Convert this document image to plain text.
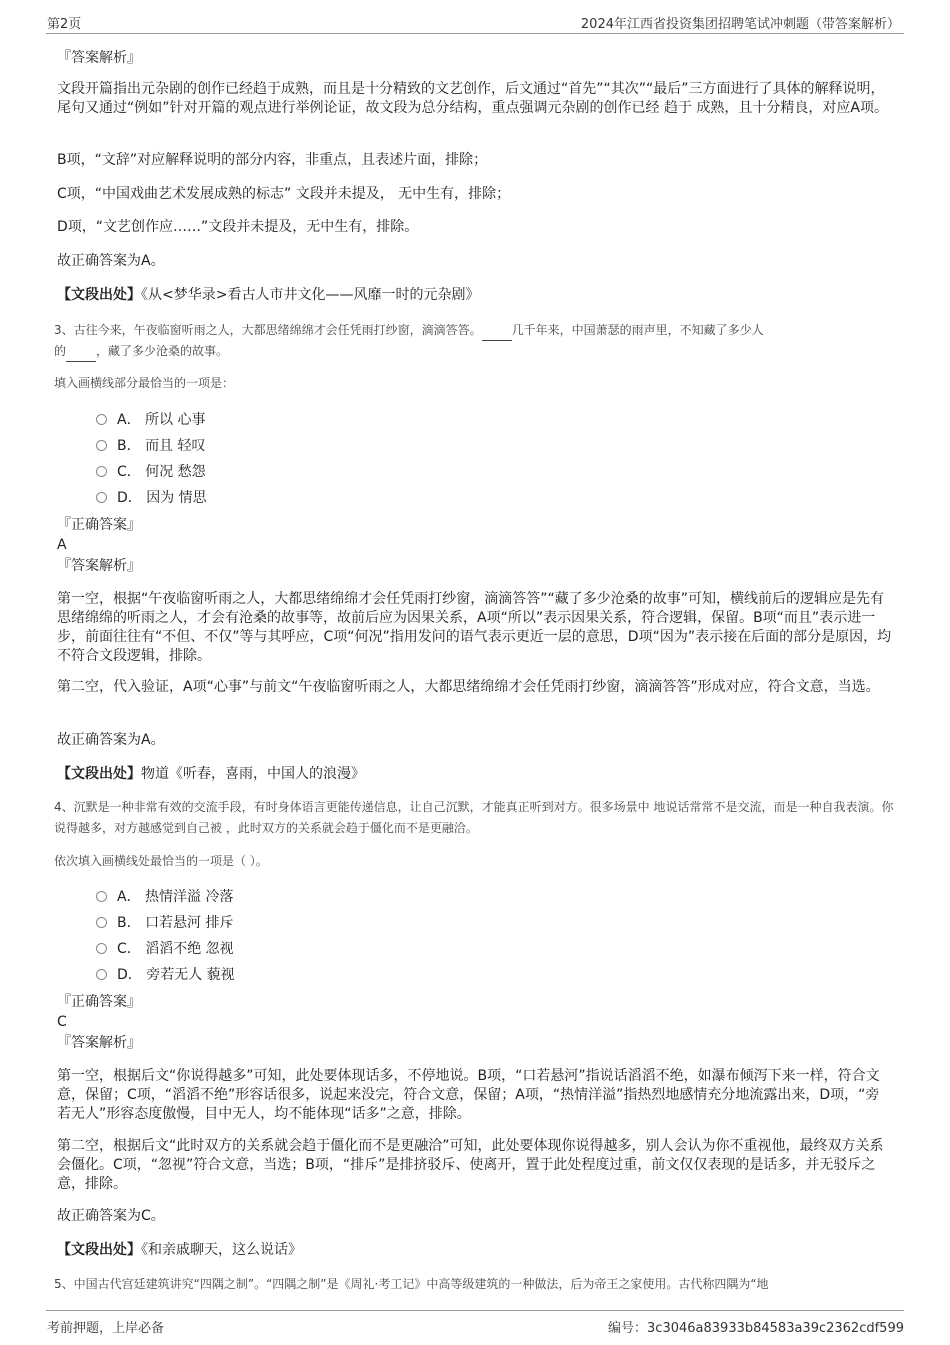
第2页	2024年江西省投资集团招聘笔试冲刺题（带答案解析）
『答案解析』
文段开篇指出元杂剧的创作已经趋于成熟，而且是十分精致的文艺创作，后文通过“首先”“其次”“最后”三方面进行了具体的解释说明，尾句又通过“例如”针对开篇的观点进行举例论证，故文段为总分结构，重点强调元杂剧的创作已经 趋于 成熟，且十分精良，对应A项。
B项，“文辞”对应解释说明的部分内容，非重点，且表述片面，排除；
C项，“中国戏曲艺术发展成熟的标志” 文段并未提及， 无中生有，排除；
D项，“文艺创作应……”文段并未提及，无中生有，排除。
故正确答案为A。
【文段出处】《从<梦华录>看古人市井文化——风靡一时的元杂剧》
3、古往今来，午夜临窗听雨之人，大都思绪绵绵才会任凭雨打纱窗，滴滴答答。	几千年来，中国萧瑟的雨声里，不知藏了多少人
的	，藏了多少沧桑的故事。
填入画横线部分最恰当的一项是：
A． 所以 心事
B． 而且 轻叹
C． 何况 愁怨
D． 因为 情思
『正确答案』
A
『答案解析』
第一空，根据“午夜临窗听雨之人，大都思绪绵绵才会任凭雨打纱窗，滴滴答答”“藏了多少沧桑的故事”可知，横线前后的逻辑应是先有思绪绵绵的听雨之人，才会有沧桑的故事等，故前后应为因果关系，A项“所以”表示因果关系，符合逻辑，保留。B项“而且”表示进一步，前面往往有“不但、不仅”等与其呼应，C项“何况”指用发问的语气表示更近一层的意思，D项“因为”表示接在后面的部分是原因，均不符合文段逻辑，排除。
第二空，代入验证，A项“心事”与前文“午夜临窗听雨之人，大都思绪绵绵才会任凭雨打纱窗，滴滴答答”形成对应，符合文意，当选。
故正确答案为A。
【文段出处】物道《听春，喜雨，中国人的浪漫》
4、沉默是一种非常有效的交流手段，有时身体语言更能传递信息，让自己沉默，才能真正听到对方。很多场景中 地说话常常不是交流，而是一种自我表演。你说得越多，对方越感觉到自己被 ，此时双方的关系就会趋于僵化而不是更融洽。
依次填入画横线处最恰当的一项是（ ）。
A． 热情洋溢 冷落
B． 口若悬河 排斥
C． 滔滔不绝 忽视
D． 旁若无人 藐视
『正确答案』
C
『答案解析』
第一空，根据后文“你说得越多”可知，此处要体现话多，不停地说。B项，“口若悬河”指说话滔滔不绝，如瀑布倾泻下来一样，符合文意，保留；C项，“滔滔不绝”形容话很多，说起来没完，符合文意，保留；A项，“热情洋溢”指热烈地感情充分地流露出来，D项，“旁若无人”形容态度傲慢，目中无人，均不能体现“话多”之意，排除。
第二空，根据后文“此时双方的关系就会趋于僵化而不是更融洽”可知，此处要体现你说得越多，别人会认为你不重视他，最终双方关系会僵化。C项，“忽视”符合文意，当选；B项，“排斥”是排挤驳斥、使离开，置于此处程度过重，前文仅仅表现的是话多，并无驳斥之意，排除。
故正确答案为C。
【文段出处】《和亲戚聊天，这么说话》
5、中国古代宫廷建筑讲究“四隅之制”。“四隅之制”是《周礼·考工记》中高等级建筑的一种做法，后为帝王之家使用。古代称四隅为“地
考前押题，上岸必备	编号：3c3046a83933b84583a39c2362cdf599
